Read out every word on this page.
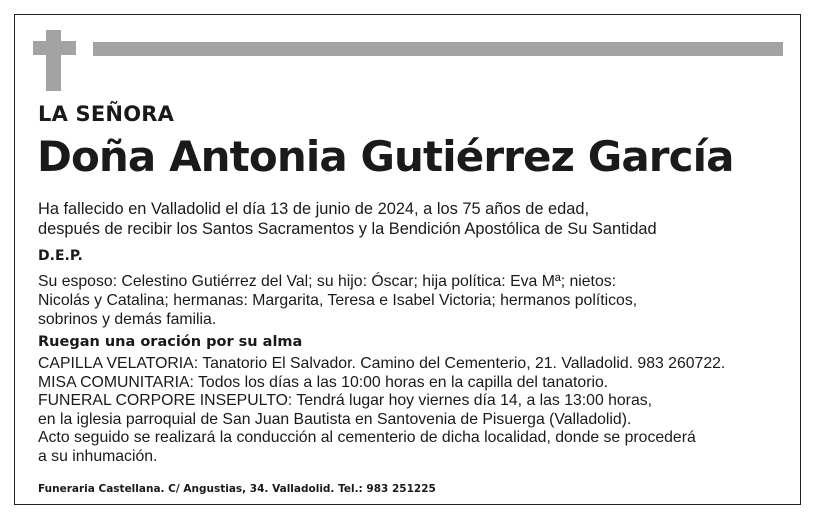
LA SEÑORA
Doña Antonia Gutiérrez García
Ha fallecido en Valladolid el día 13 de junio de 2024, a los 75 años de edad,
después de recibir los Santos Sacramentos y la Bendición Apostólica de Su Santidad
D.E.P.
Su esposo: Celestino Gutiérrez del Val; su hijo: Óscar; hija política: Eva Mª; nietos:
Nicolás y Catalina; hermanas: Margarita, Teresa e Isabel Victoria; hermanos políticos,
sobrinos y demás familia.
Ruegan una oración por su alma
CAPILLA VELATORIA: Tanatorio El Salvador. Camino del Cementerio, 21. Valladolid. 983 260722.
MISA COMUNITARIA: Todos los días a las 10:00 horas en la capilla del tanatorio.
FUNERAL CORPORE INSEPULTO: Tendrá lugar hoy viernes día 14, a las 13:00 horas,
en la iglesia parroquial de San Juan Bautista en Santovenia de Pisuerga (Valladolid).
Acto seguido se realizará la conducción al cementerio de dicha localidad, donde se procederá
a su inhumación.
Funeraria Castellana. C/ Angustias, 34. Valladolid. Tel.: 983 251225
